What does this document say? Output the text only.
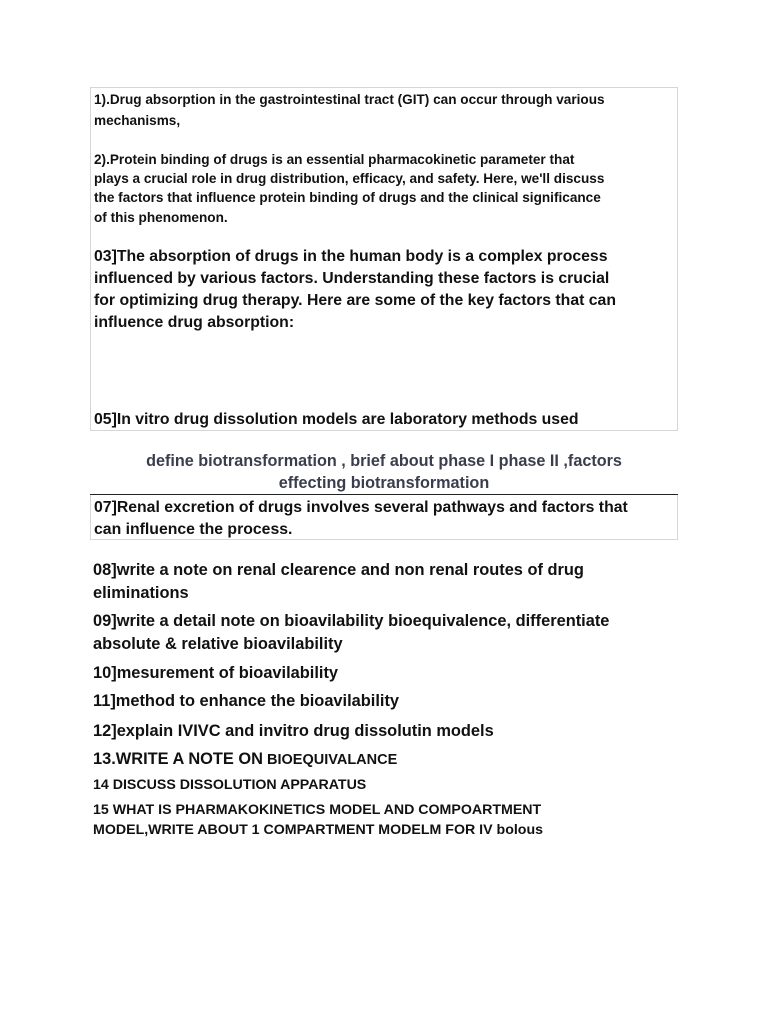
1).Drug absorption in the gastrointestinal tract (GIT) can occur through various

mechanisms,

2).Protein binding of drugs is an essential pharmacokinetic parameter that

plays a crucial role in drug distribution, efficacy, and safety. Here, we'll discuss

the factors that influence protein binding of drugs and the clinical significance

of this phenomenon.

03]The absorption of drugs in the human body is a complex process

influenced by various factors. Understanding these factors is crucial

for optimizing drug therapy. Here are some of the key factors that can

influence drug absorption:

05]In vitro drug dissolution models are laboratory methods used

define biotransformation , brief about phase I phase II ,factors

effecting biotransformation

07]Renal excretion of drugs involves several pathways and factors that

can influence the process.

08]write a note on renal clearence and non renal routes of drug

eliminations

09]write a detail note on bioavilability bioequivalence, differentiate

absolute & relative bioavilability

10]mesurement of bioavilability

11]method to enhance the bioavilability

12]explain IVIVC and invitro drug dissolutin models

13.WRITE A NOTE ON BIOEQUIVALANCE

14 DISCUSS DISSOLUTION APPARATUS

15 WHAT IS PHARMAKOKINETICS MODEL AND COMPOARTMENT

MODEL,WRITE ABOUT 1 COMPARTMENT MODELM FOR IV bolous
